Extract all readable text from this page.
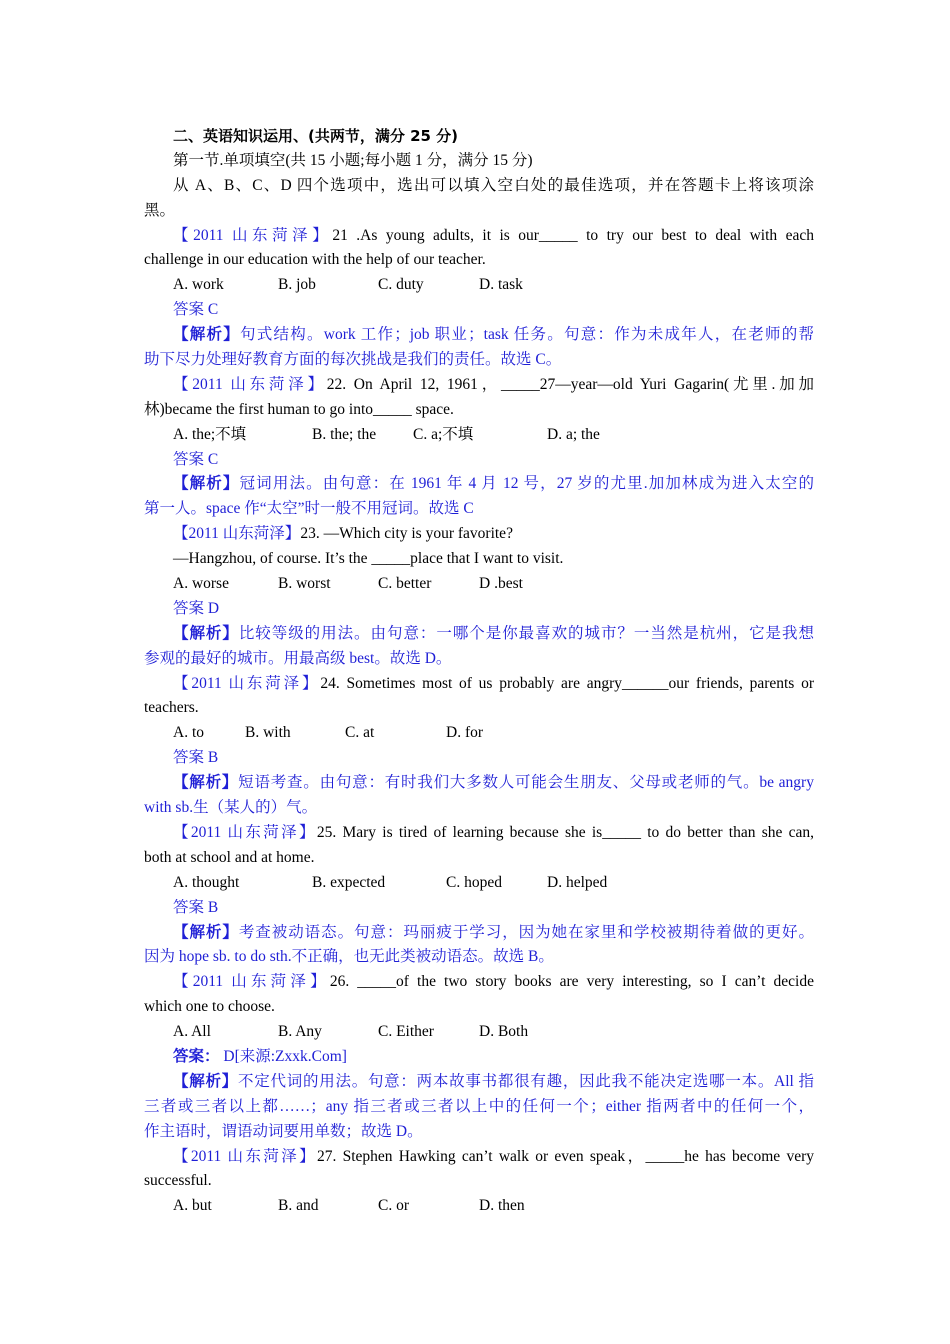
二、英语知识运用、(共两节，满分 25 分)
第一节.单项填空(共 15 小题;每小题 1 分，满分 15 分)
从 A、B、C、D 四个选项中，选出可以填入空白处的最佳选项，并在答题卡上将该项涂
黑。
【2011 山东菏泽】21 .As young adults, it is our_____ to try our best to deal with each
challenge in our education with the help of our teacher.
A. work	B. job	C. duty	D. task
答案 C
【解析】句式结构。work 工作；job 职业；task 任务。句意：作为未成年人，在老师的帮
助下尽力处理好教育方面的每次挑战是我们的责任。故选 C。
【2011 山东菏泽】22. On April 12, 1961，_____27—year—old Yuri Gagarin(尤里.加加
林)became the first human to go into_____ space.
A. the;不填	B. the; the	C. a;不填	D. a; the
答案 C
【解析】冠词用法。由句意：在 1961 年 4 月 12 号，27 岁的尤里.加加林成为进入太空的
第一人。space 作“太空”时一般不用冠词。故选 C
【2011 山东菏泽】23. —Which city is your favorite?
—Hangzhou, of course. It’s the _____place that I want to visit.
A. worse	B. worst	C. better	D .best
答案 D
【解析】比较等级的用法。由句意：一哪个是你最喜欢的城市？一当然是杭州，它是我想
参观的最好的城市。用最高级 best。故选 D。
【2011 山东菏泽】24. Sometimes most of us probably are angry______our friends, parents or
teachers.
A. to	B. with	C. at	D. for
答案 B
【解析】短语考查。由句意：有时我们大多数人可能会生朋友、父母或老师的气。be angry
with sb.生（某人的）气。
【2011 山东菏泽】25. Mary is tired of learning because she is_____ to do better than she can,
both at school and at home.
A. thought	B. expected	C. hoped	D. helped
答案 B
【解析】考查被动语态。句意：玛丽疲于学习，因为她在家里和学校被期待着做的更好。
因为 hope sb. to do sth.不正确，也无此类被动语态。故选 B。
【2011 山东菏泽】26. _____of the two story books are very interesting, so I can’t decide
which one to choose.
A. All	B. Any	C. Either	D. Both
答案： D[来源:Zxxk.Com]
【解析】不定代词的用法。句意：两本故事书都很有趣，因此我不能决定选哪一本。All 指
三者或三者以上都……；any 指三者或三者以上中的任何一个；either 指两者中的任何一个，
作主语时，谓语动词要用单数；故选 D。
【2011 山东菏泽】27. Stephen Hawking can’t walk or even speak，_____he has become very
successful.
A. but	B. and	C. or	D. then
